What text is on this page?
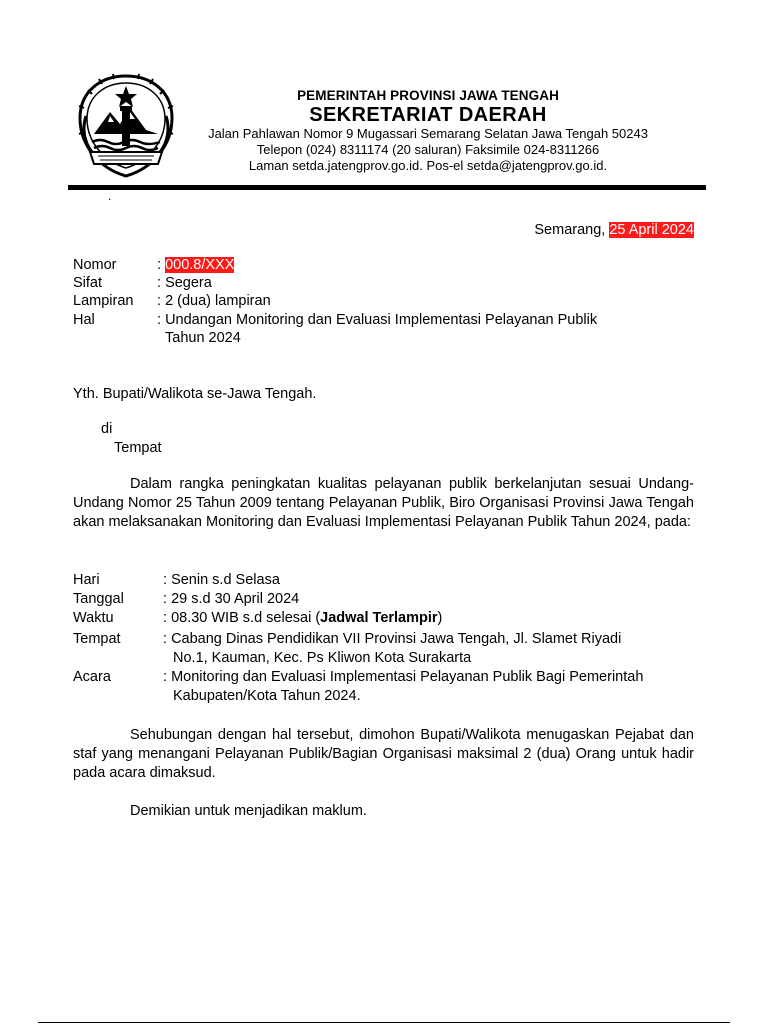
PEMERINTAH PROVINSI JAWA TENGAH
SEKRETARIAT DAERAH
Jalan Pahlawan Nomor 9 Mugassari Semarang Selatan Jawa Tengah 50243
Telepon (024) 8311174 (20 saluran) Faksimile 024-8311266
Laman setda.jatengprov.go.id. Pos-el setda@jatengprov.go.id.
.
Semarang, 25 April 2024
Nomor	: 000.8/XXX
Sifat	: Segera
Lampiran : 2 (dua) lampiran
Hal	: Undangan Monitoring dan Evaluasi Implementasi Pelayanan Publik
Tahun 2024
Yth. Bupati/Walikota se-Jawa Tengah.
di
Tempat
Dalam rangka peningkatan kualitas pelayanan publik berkelanjutan sesuai Undang-Undang Nomor 25 Tahun 2009 tentang Pelayanan Publik, Biro Organisasi Provinsi Jawa Tengah akan melaksanakan Monitoring dan Evaluasi Implementasi Pelayanan Publik Tahun 2024, pada:
Hari	: Senin s.d Selasa
Tanggal	: 29 s.d 30 April 2024
Waktu	: 08.30 WIB s.d selesai (Jadwal Terlampir)
Tempat	: Cabang Dinas Pendidikan VII Provinsi Jawa Tengah, Jl. Slamet Riyadi
No.1, Kauman, Kec. Ps Kliwon Kota Surakarta
Acara	: Monitoring dan Evaluasi Implementasi Pelayanan Publik Bagi Pemerintah
Kabupaten/Kota Tahun 2024.
Sehubungan dengan hal tersebut, dimohon Bupati/Walikota menugaskan Pejabat dan staf yang menangani Pelayanan Publik/Bagian Organisasi maksimal 2 (dua) Orang untuk hadir pada acara dimaksud.
Demikian untuk menjadikan maklum.
